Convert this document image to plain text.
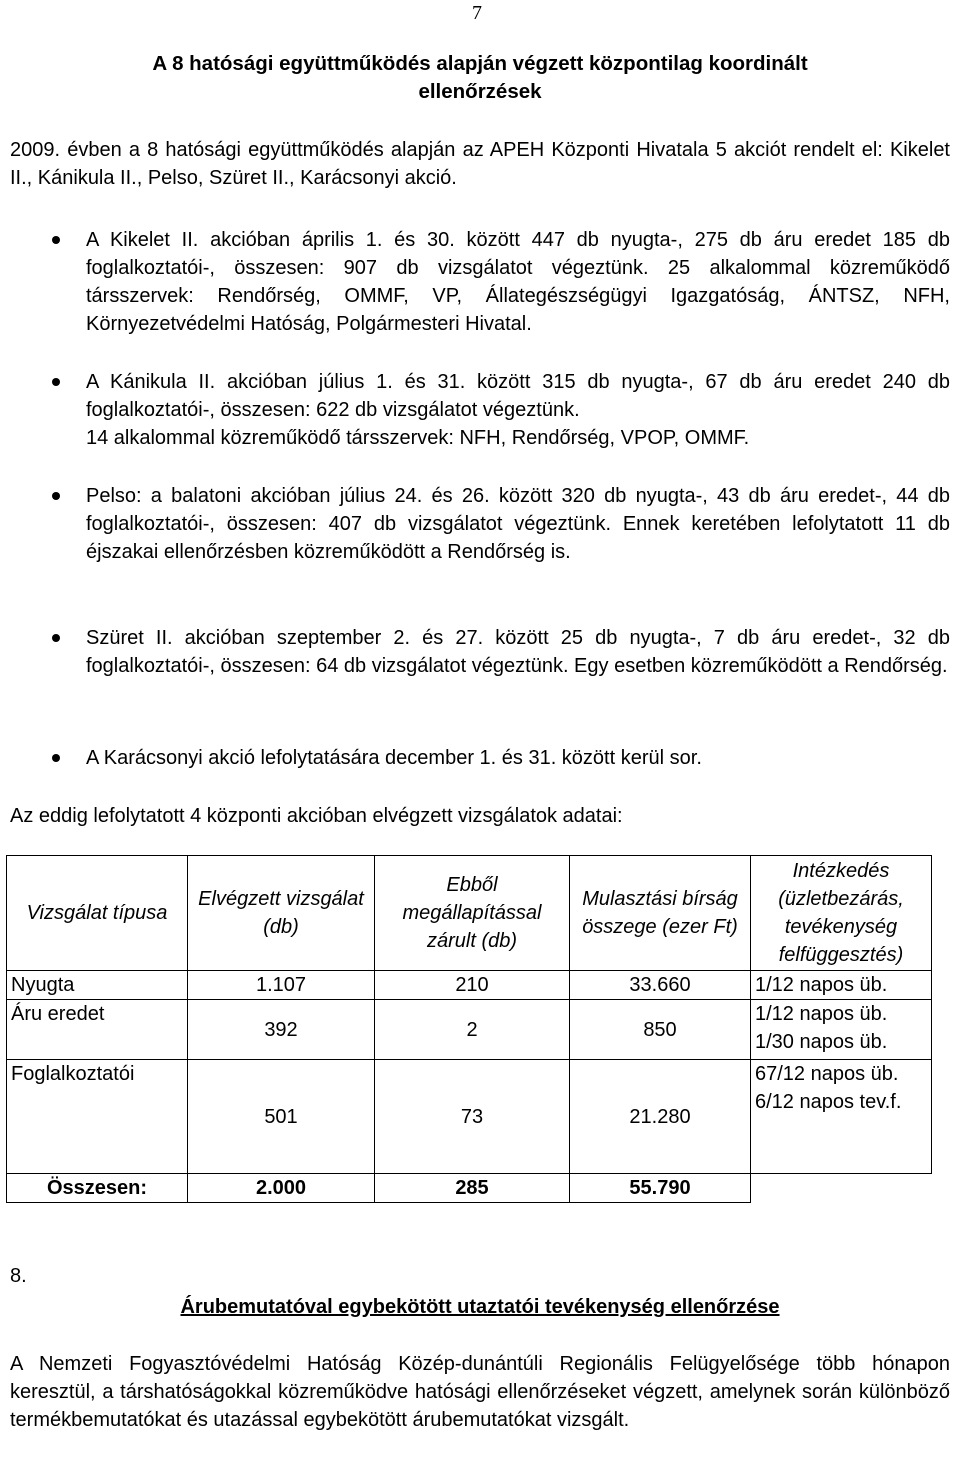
7
A 8 hatósági együttműködés alapján végzett központilag koordinált
ellenőrzések
2009. évben a 8 hatósági együttműködés alapján az APEH Központi Hivatala 5 akciót rendelt el: Kikelet II., Kánikula II., Pelso, Szüret II., Karácsonyi akció.
A Kikelet II. akcióban április 1. és 30. között 447 db nyugta-, 275 db áru eredet 185 db foglalkoztatói-, összesen: 907 db vizsgálatot végeztünk. 25 alkalommal közreműködő társszervek: Rendőrség, OMMF, VP, Állategészségügyi Igazgatóság, ÁNTSZ, NFH, Környezetvédelmi Hatóság, Polgármesteri Hivatal.
A Kánikula II. akcióban július 1. és 31. között 315 db nyugta-, 67 db áru eredet 240 db foglalkoztatói-, összesen: 622 db vizsgálatot végeztünk.
14 alkalommal közreműködő társszervek: NFH, Rendőrség, VPOP, OMMF.
Pelso: a balatoni akcióban július 24. és 26. között 320 db nyugta-, 43 db áru eredet-, 44 db foglalkoztatói-, összesen: 407 db vizsgálatot végeztünk. Ennek keretében lefolytatott 11 db éjszakai ellenőrzésben közreműködött a Rendőrség is.
Szüret II. akcióban szeptember 2. és 27. között 25 db nyugta-, 7 db áru eredet-, 32 db foglalkoztatói-, összesen: 64 db vizsgálatot végeztünk. Egy esetben közreműködött a Rendőrség.
A Karácsonyi akció lefolytatására december 1. és 31. között kerül sor.
Az eddig lefolytatott 4 központi akcióban elvégzett vizsgálatok adatai:
Vizsgálat típusa	Elvégzett vizsgálat (db)	Ebből megállapítással zárult (db)	Mulasztási bírság összege (ezer Ft)	Intézkedés (üzletbezárás, tevékenység felfüggesztés)
Nyugta	1.107	210	33.660	1/12 napos üb.
Áru eredet	392	2	850	1/12 napos üb.
1/30 napos üb.

Foglalkoztatói	501	73	21.280	67/12 napos üb.
6/12 napos tev.f.

Összesen:	2.000	285	55.790	
8.
Árubemutatóval egybekötött utaztatói tevékenység ellenőrzése
A Nemzeti Fogyasztóvédelmi Hatóság Közép-dunántúli Regionális Felügyelősége több hónapon keresztül, a társhatóságokkal közreműködve hatósági ellenőrzéseket végzett, amelynek során különböző termékbemutatókat és utazással egybekötött árubemutatókat vizsgált.
